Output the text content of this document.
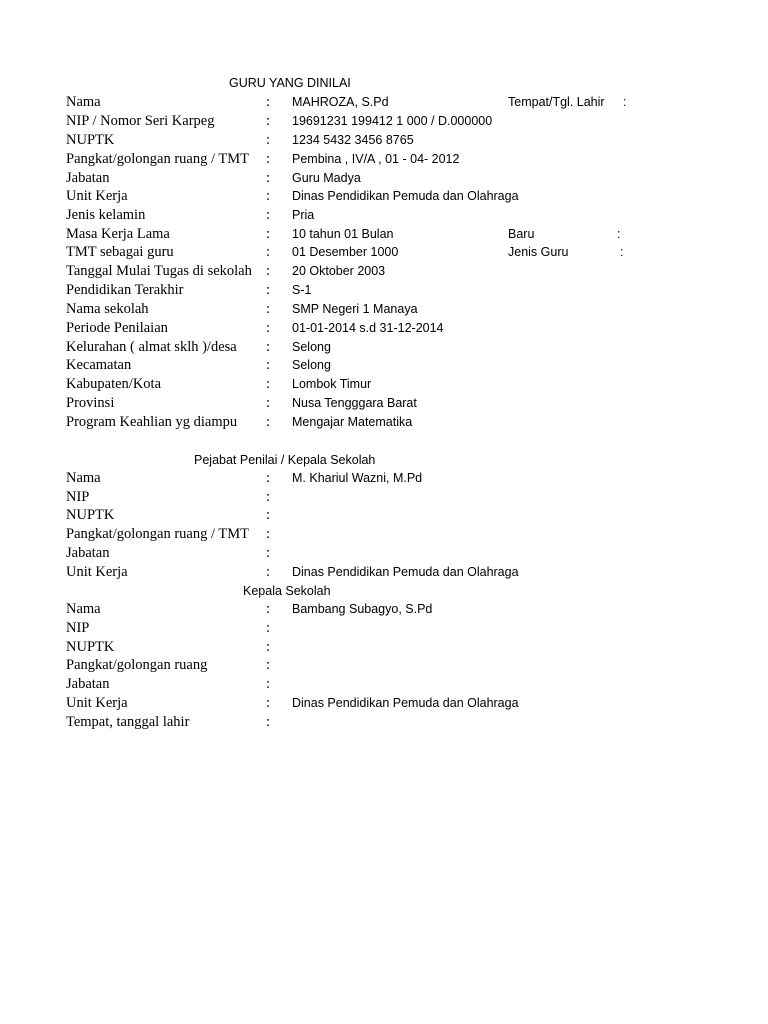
GURU YANG DINILAI
Nama	: MAHROZA, S.Pd	Tempat/Tgl. Lahir :
NIP / Nomor Seri Karpeg	: 19691231 199412 1 000 / D.000000
NUPTK	: 1234 5432 3456 8765
Pangkat/golongan ruang / TMT : Pembina , IV/A , 01 - 04- 2012
Jabatan	: Guru Madya
Unit Kerja	: Dinas Pendidikan Pemuda dan Olahraga
Jenis kelamin	: Pria
Masa Kerja Lama	: 10 tahun 01 Bulan	Baru	:
TMT sebagai guru	: 01 Desember 1000	Jenis Guru	:
Tanggal Mulai Tugas di sekolah : 20 Oktober 2003
Pendidikan Terakhir	: S-1
Nama sekolah	: SMP Negeri 1 Manaya
Periode Penilaian	: 01-01-2014 s.d 31-12-2014
Kelurahan ( almat sklh )/desa : Selong
Kecamatan	: Selong
Kabupaten/Kota	: Lombok Timur
Provinsi	: Nusa Tengggara Barat
Program Keahlian yg diampu : Mengajar Matematika
Pejabat Penilai / Kepala Sekolah
Nama	: M. Khariul Wazni, M.Pd
NIP	:
NUPTK	:
Pangkat/golongan ruang / TMT :
Jabatan	:
Unit Kerja	: Dinas Pendidikan Pemuda dan Olahraga
Kepala Sekolah
Nama	: Bambang Subagyo, S.Pd
NIP	:
NUPTK	:
Pangkat/golongan ruang	:
Jabatan	:
Unit Kerja	: Dinas Pendidikan Pemuda dan Olahraga
Tempat, tanggal lahir	:
